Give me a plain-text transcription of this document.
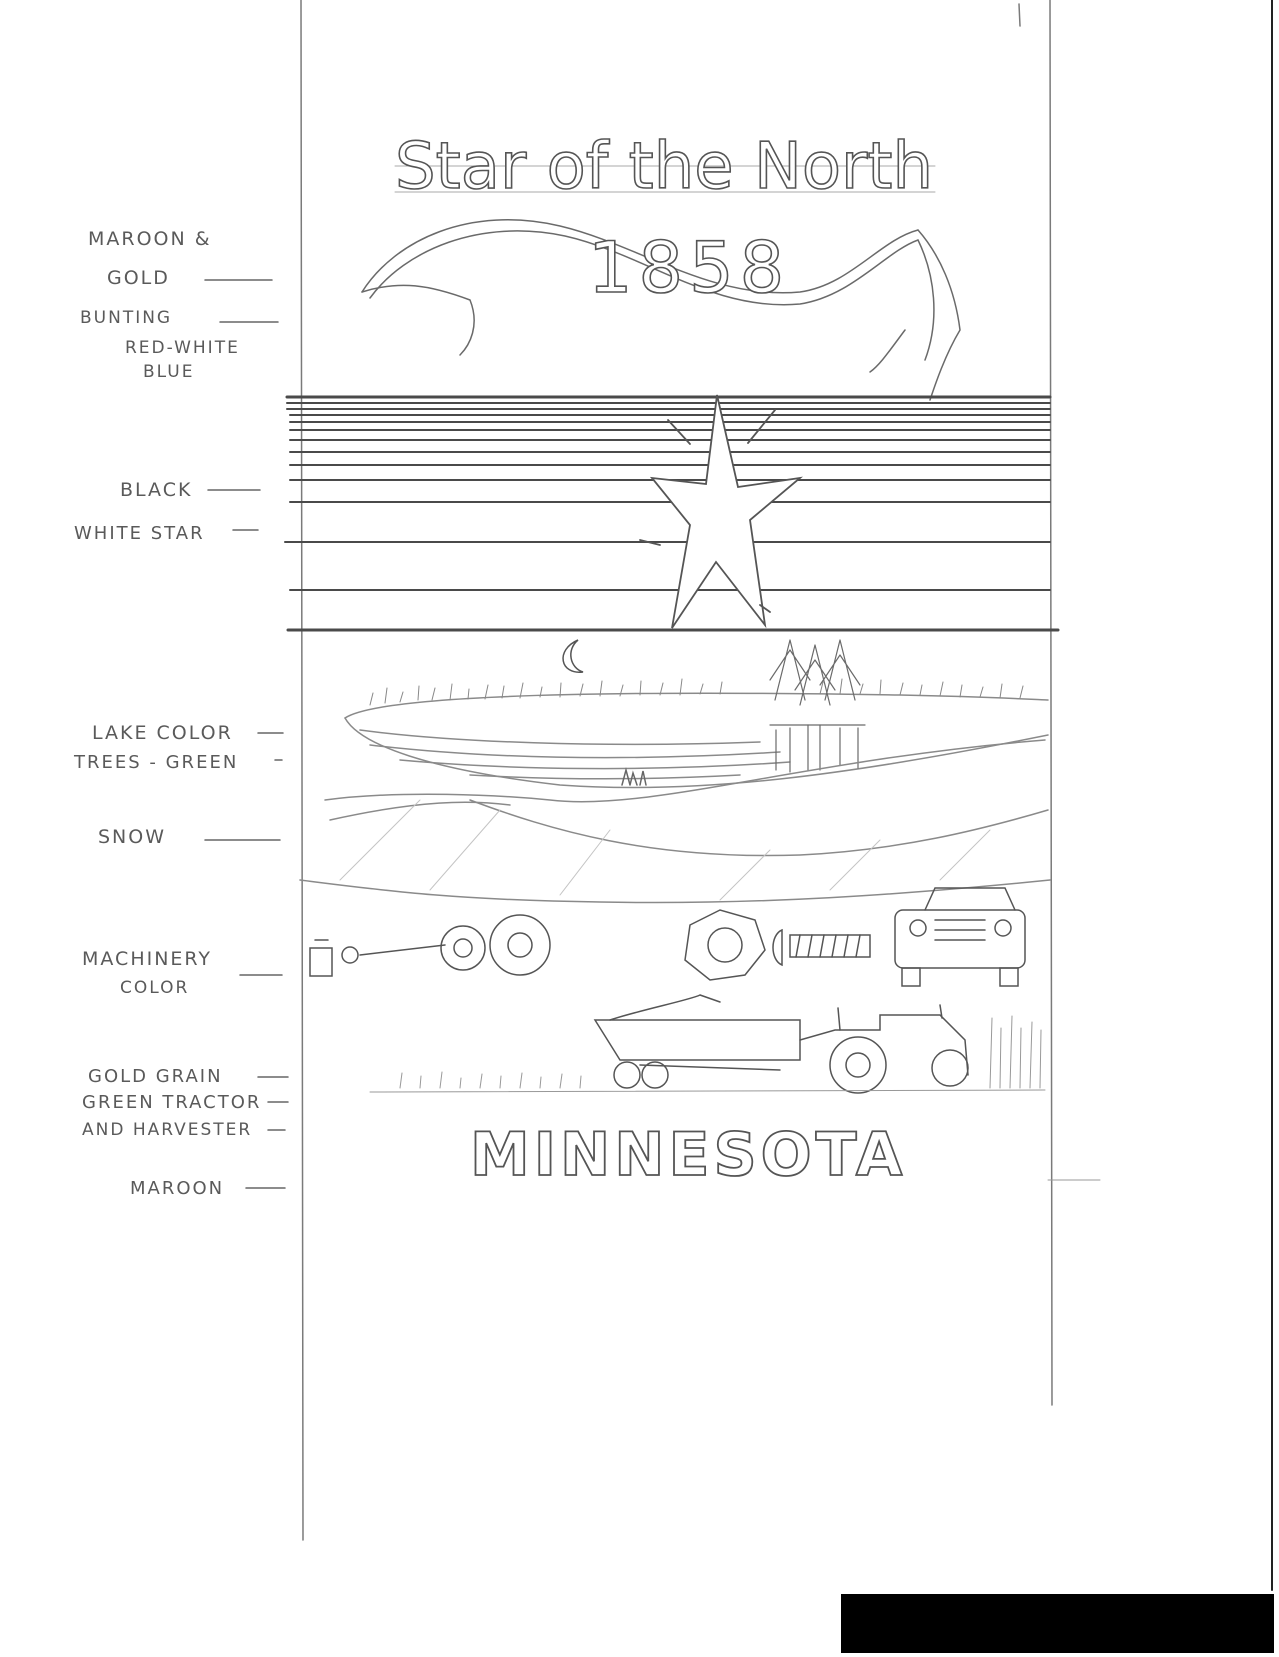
Star of the North
1858
MINNESOTA
MAROON &
GOLD
BUNTING
RED-WHITE
BLUE
BLACK
WHITE STAR
LAKE COLOR
TREES - GREEN
SNOW
MACHINERY
COLOR
GOLD GRAIN
GREEN TRACTOR
AND HARVESTER
MAROON
